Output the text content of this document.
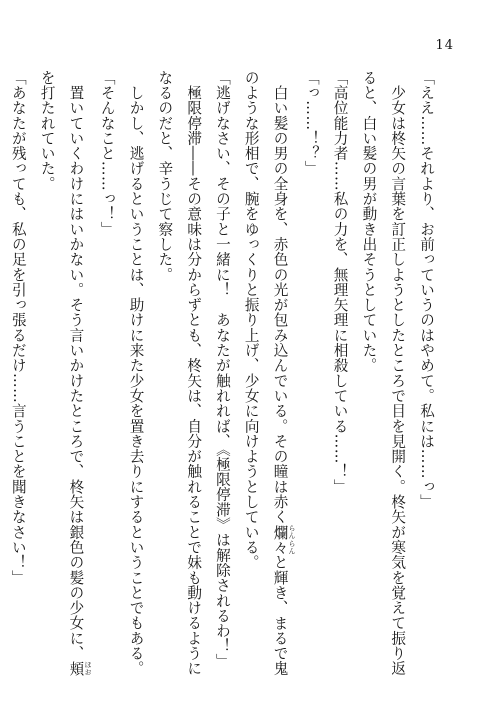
14
「ええ……それより、お前っていうのはやめて。私には……っ」
　少女は柊矢の言葉を訂正しようとしたところで目を見開く。柊矢が寒気を覚えて振り返
ると、白い髪の男が動き出そうとしていた。
「高位能力者……私の力を、無理矢理に相殺している……！」
「っ……！？」
　白い髪の男の全身を、赤色の光が包み込んでいる。その瞳は赤く爛々 らんらんと輝き、まるで鬼
のような形相で、腕をゆっくりと振り上げ、少女に向けようとしている。
「逃げなさい、その子と一緒に！　あなたが触れれば、《極限停滞》は解除されるわ！」
　極限停滞――その意味は分からずとも、柊矢は、自分が触れることで妹も動けるように
なるのだと、辛うじて察した。
　しかし、逃げるということは、助けに来た少女を置き去りにするということでもある。
「そんなこと……っ！」
　置いていくわけにはいかない。そう言いかけたところで、柊矢は銀色の髪の少女に、頬 ほお
を打たれていた。
「あなたが残っても、私の足を引っ張るだけ……言うことを聞きなさい！」
